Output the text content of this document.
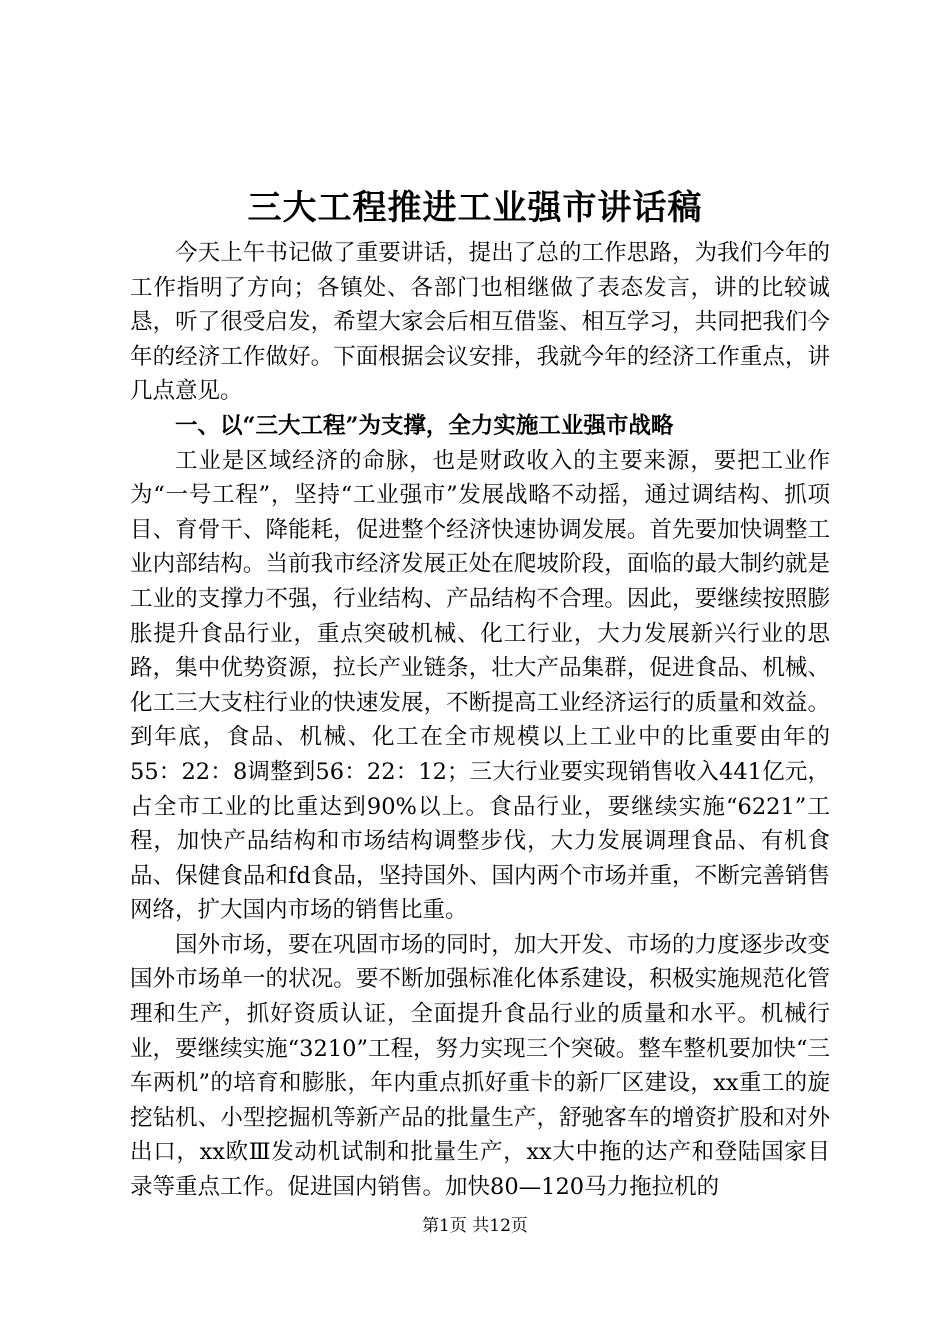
三大工程推进工业强市讲话稿

今天上午书记做了重要讲话，提出了总的工作思路，为我们今年的工作指明了方向；各镇处、各部门也相继做了表态发言，讲的比较诚恳，听了很受启发，希望大家会后相互借鉴、相互学习，共同把我们今年的经济工作做好。下面根据会议安排，我就今年的经济工作重点，讲几点意见。

一、以“三大工程”为支撑，全力实施工业强市战略

工业是区域经济的命脉，也是财政收入的主要来源，要把工业作为“一号工程”，坚持“工业强市”发展战略不动摇，通过调结构、抓项目、育骨干、降能耗，促进整个经济快速协调发展。首先要加快调整工业内部结构。当前我市经济发展正处在爬坡阶段，面临的最大制约就是工业的支撑力不强，行业结构、产品结构不合理。因此，要继续按照膨胀提升食品行业，重点突破机械、化工行业，大力发展新兴行业的思路，集中优势资源，拉长产业链条，壮大产品集群，促进食品、机械、化工三大支柱行业的快速发展，不断提高工业经济运行的质量和效益。到年底，食品、机械、化工在全市规模以上工业中的比重要由年的55：22：8调整到56：22：12；三大行业要实现销售收入441亿元，占全市工业的比重达到90%以上。食品行业，要继续实施“6221”工程，加快产品结构和市场结构调整步伐，大力发展调理食品、有机食品、保健食品和fd食品，坚持国外、国内两个市场并重，不断完善销售网络，扩大国内市场的销售比重。

国外市场，要在巩固市场的同时，加大开发、市场的力度逐步改变国外市场单一的状况。要不断加强标准化体系建设，积极实施规范化管理和生产，抓好资质认证，全面提升食品行业的质量和水平。机械行业，要继续实施“3210”工程，努力实现三个突破。整车整机要加快“三车两机”的培育和膨胀，年内重点抓好重卡的新厂区建设，xx重工的旋挖钻机、小型挖掘机等新产品的批量生产，舒驰客车的增资扩股和对外出口，xx欧Ⅲ发动机试制和批量生产，xx大中拖的达产和登陆国家目录等重点工作。促进国内销售。加快80—120马力拖拉机的

第1页 共12页
